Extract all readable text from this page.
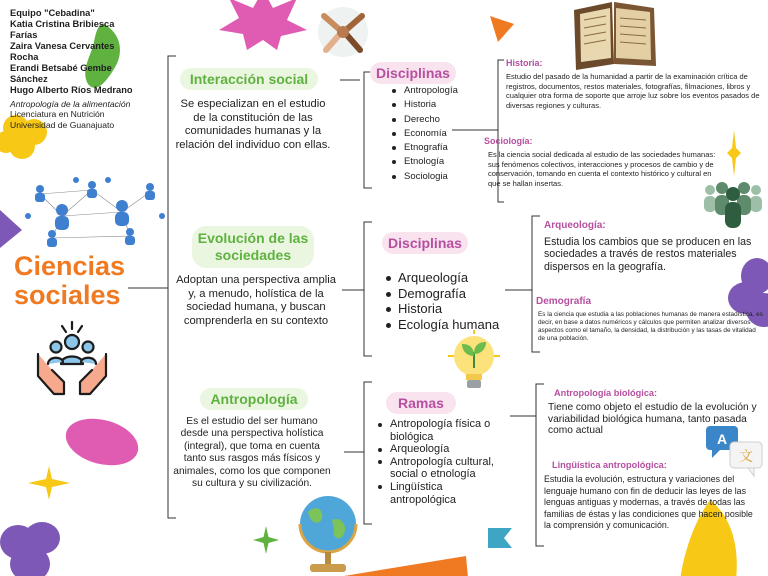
A
文
Equipo "Cebadina"
Katia Cristina Bribiesca
Farías
Zaira Vanesa Cervantes
Rocha
Erandi Betsabé Gembe
Sánchez
Hugo Alberto Ríos Medrano
Antropología de la alimentación
Licenciatura en Nutrición
Universidad de Guanajuato
Ciencias
sociales
Interacción social
Se especializan en el estudio de la constitución de las comunidades humanas y la relación del individuo con ellas.
Disciplinas
Antropología
Historia
Derecho
Economía
Etnografía
Etnología
Sociologia
Historia:
Estudio del pasado de la humanidad a partir de la examinación crítica de registros, documentos, restos materiales, fotografías, filmaciones, libros y cualquier otra forma de soporte que arroje luz sobre los eventos pasados de diversas regiones y culturas.
Sociología:
Es la ciencia social dedicada al estudio de las sociedades humanas: sus fenómenos colectivos, interacciones y procesos de cambio y de conservación, tomando en cuenta el contexto histórico y cultural en que se hallan insertas.
Evolución de las sociedades
Adoptan una perspectiva amplia y, a menudo, holística de la sociedad humana, y buscan comprenderla en su contexto
Disciplinas
Arqueología
Demografía
Historia
Ecología humana
Arqueología:
Estudia los cambios que se producen en las sociedades a través de restos materiales dispersos en la geografía.
Demografía
Es la ciencia que estudia a las poblaciones humanas de manera estadística, es decir, en base a datos numéricos y cálculos que permiten analizar diversos aspectos como el tamaño, la densidad, la distribución y las tasas de vitalidad de una población.
Antropología
Es el estudio del ser humano desde una perspectiva holística (integral), que toma en cuenta tanto sus rasgos más físicos y animales, como los que componen su cultura y su civilización.
Ramas
Antropología física o biológica
Arqueología
Antropología cultural, social o etnología
Lingüística antropológica
Antropología biológica:
Tiene como objeto el estudio de la evolución y variabilidad biológica humana, tanto pasada como actual
Lingüística antropológica:
Estudia la evolución, estructura y variaciones del lenguaje humano con fin de deducir las leyes de las lenguas antiguas y modernas, a través de todas las familias de éstas y las condiciones que hacen posible la comprensión y comunicación.
